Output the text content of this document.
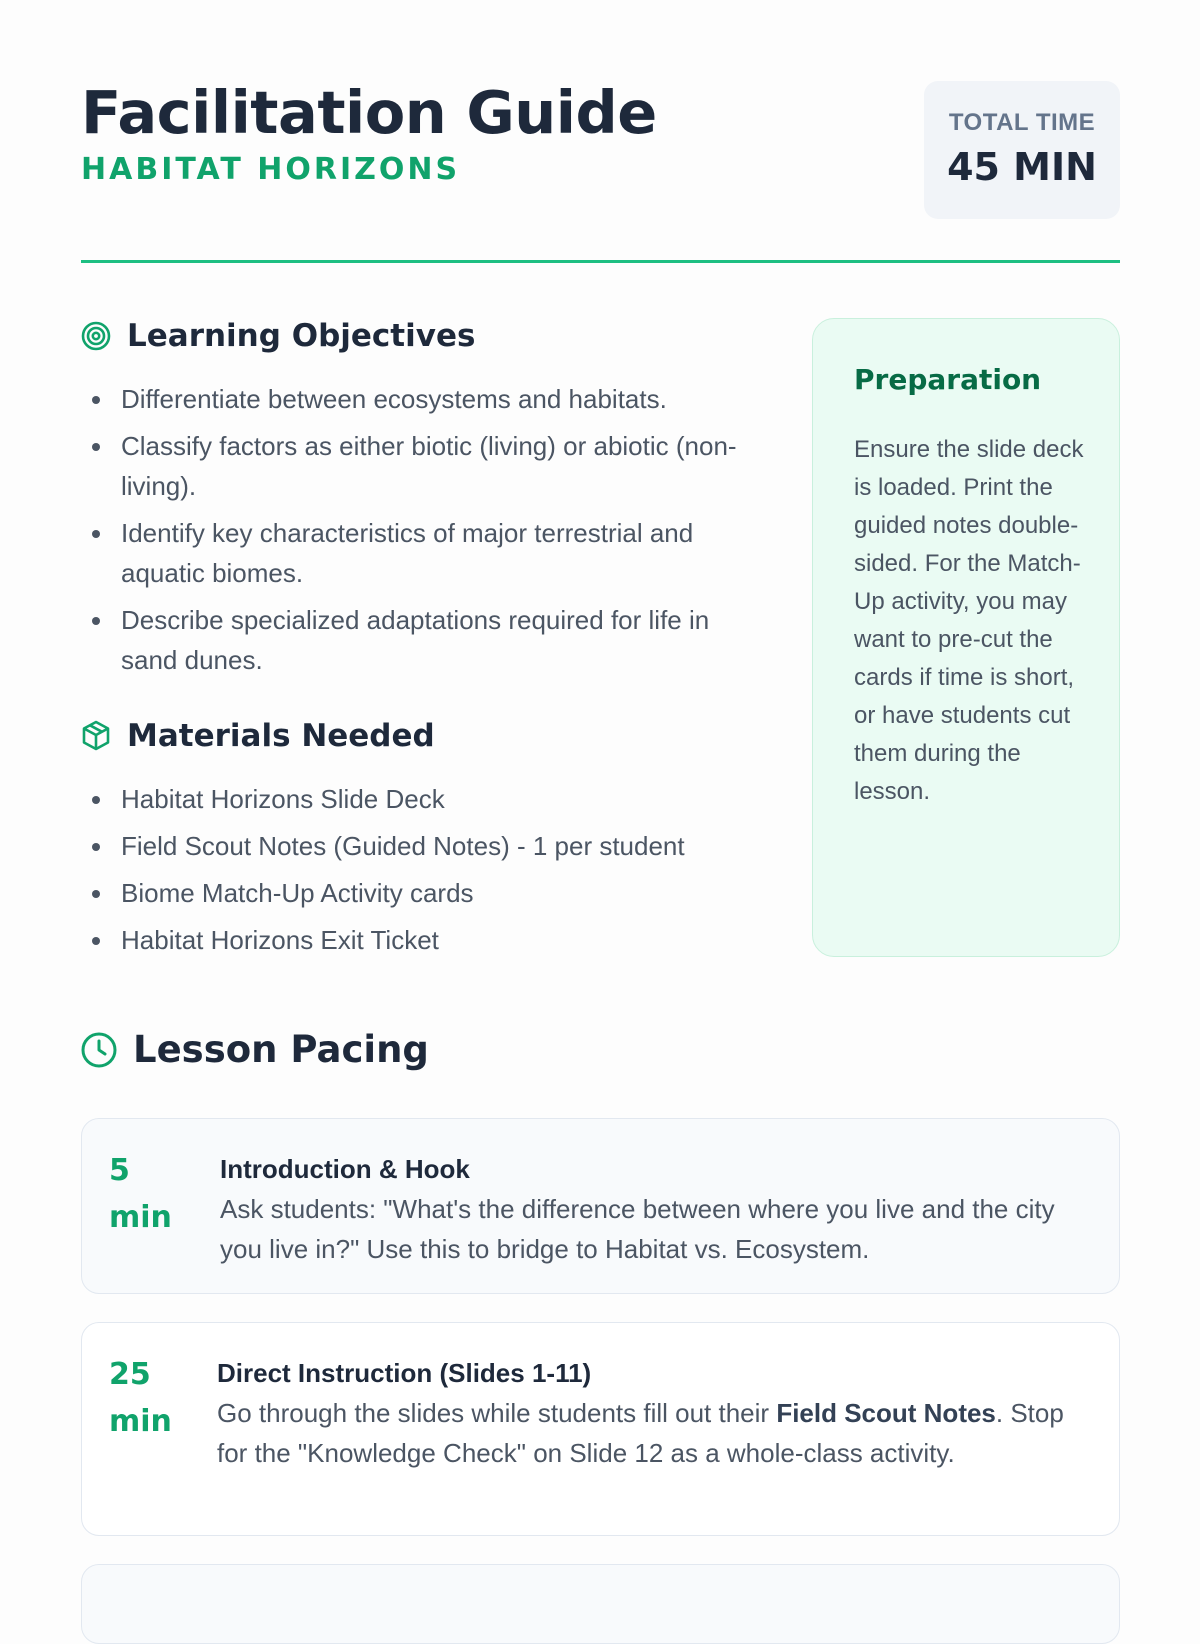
Facilitation Guide
HABITAT HORIZONS
TOTAL TIME
45 MIN
Learning Objectives
Differentiate between ecosystems and habitats.
Classify factors as either biotic (living) or abiotic (non-living).
Identify key characteristics of major terrestrial and aquatic biomes.
Describe specialized adaptations required for life in sand dunes.
Materials Needed
Habitat Horizons Slide Deck
Field Scout Notes (Guided Notes) - 1 per student
Biome Match-Up Activity cards
Habitat Horizons Exit Ticket
Preparation

Ensure the slide deck is loaded. Print the guided notes double-sided. For the Match-Up activity, you may want to pre-cut the cards if time is short, or have students cut them during the lesson.

Lesson Pacing
5
min
Introduction & Hook
Ask students: "What's the difference between where you live and the city you live in?" Use this to bridge to Habitat vs. Ecosystem.
25
min
Direct Instruction (Slides 1-11)
Go through the slides while students fill out their Field Scout Notes. Stop for the "Knowledge Check" on Slide 12 as a whole-class activity.
